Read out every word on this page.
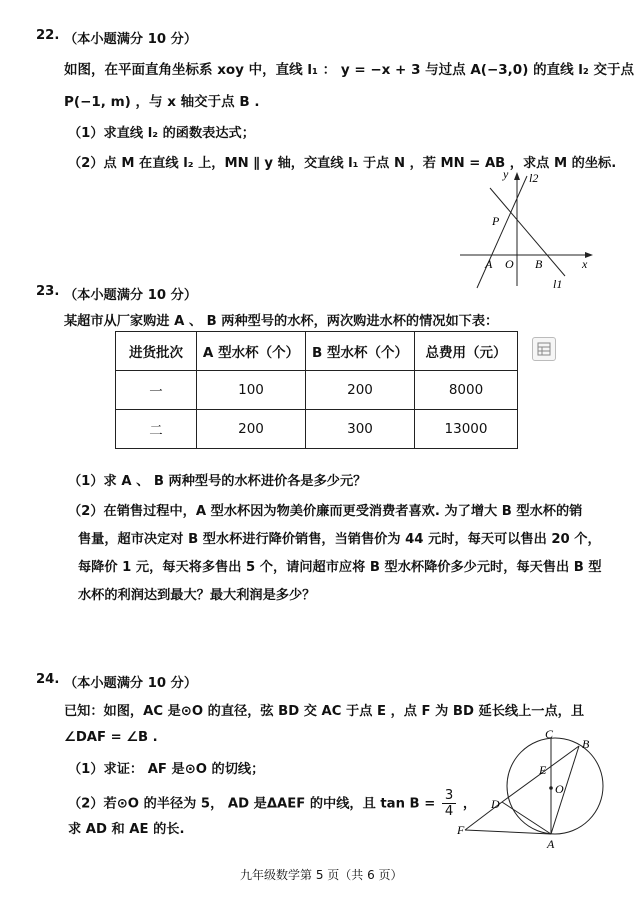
22. （本小题满分 10 分）
如图，在平面直角坐标系 xoy 中，直线 l₁ ： y = −x + 3 与过点 A(−3,0) 的直线 l₂ 交于点
P(−1, m) ，与 x 轴交于点 B .
（1）求直线 l₂ 的函数表达式；
（2）点 M 在直线 l₂ 上，MN ∥ y 轴，交直线 l₁ 于点 N ，若 MN = AB ，求点 M 的坐标.
y l2
P
A O B	x
l1
23. （本小题满分 10 分）
某超市从厂家购进 A 、 B 两种型号的水杯，两次购进水杯的情况如下表：
进货批次	A 型水杯（个）	B 型水杯（个）	总费用（元）
一	100	200	8000
二	200	300	13000
（1）求 A 、 B 两种型号的水杯进价各是多少元？
（2）在销售过程中，A 型水杯因为物美价廉而更受消费者喜欢. 为了增大 B 型水杯的销
售量，超市决定对 B 型水杯进行降价销售，当销售价为 44 元时，每天可以售出 20 个，
每降价 1 元，每天将多售出 5 个，请问超市应将 B 型水杯降价多少元时，每天售出 B 型
水杯的利润达到最大？最大利润是多少？
24. （本小题满分 10 分）
已知：如图，AC 是⊙O 的直径，弦 BD 交 AC 于点 E ，点 F 为 BD 延长线上一点，且
∠DAF = ∠B .
（1）求证： AF 是⊙O 的切线；
（2）若⊙O 的半径为 5， AD 是ΔAEF 的中线，且 $\tan B = \frac{3}{4}$ ，
求 AD 和 AE 的长.
C
B
E
O
D
F
A
九年级数学第 5 页（共 6 页）
